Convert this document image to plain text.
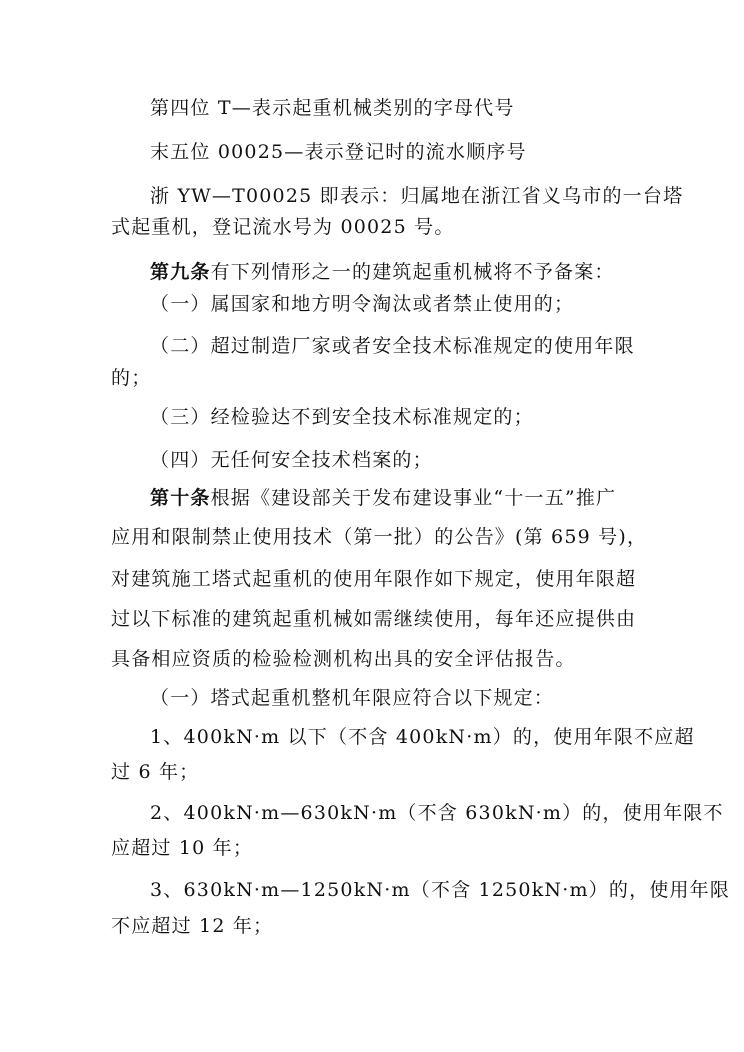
第四位 T—表示起重机械类别的字母代号
末五位 00025—表示登记时的流水顺序号
浙 YW—T00025 即表示：归属地在浙江省义乌市的一台塔
式起重机，登记流水号为 00025 号。
第九条有下列情形之一的建筑起重机械将不予备案：
（一）属国家和地方明令淘汰或者禁止使用的；
（二）超过制造厂家或者安全技术标准规定的使用年限
的；
（三）经检验达不到安全技术标准规定的；
（四）无任何安全技术档案的；
第十条根据《建设部关于发布建设事业“十一五”推广
应用和限制禁止使用技术（第一批）的公告》(第 659 号)，
对建筑施工塔式起重机的使用年限作如下规定，使用年限超
过以下标准的建筑起重机械如需继续使用，每年还应提供由
具备相应资质的检验检测机构出具的安全评估报告。
（一）塔式起重机整机年限应符合以下规定：
1、400kN·m 以下（不含 400kN·m）的，使用年限不应超
过 6 年；
2、400kN·m—630kN·m（不含 630kN·m）的，使用年限不
应超过 10 年；
3、630kN·m—1250kN·m（不含 1250kN·m）的，使用年限
不应超过 12 年；
